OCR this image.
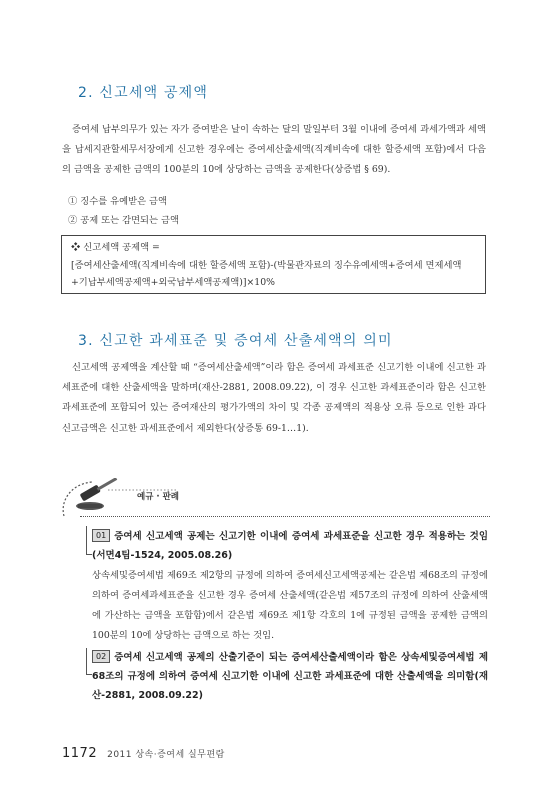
2. 신고세액 공제액

증여세 납부의무가 있는 자가 증여받은 날이 속하는 달의 말일부터 3월 이내에 증여세 과세가액과 세액을 납세지관할세무서장에게 신고한 경우에는 증여세산출세액(직계비속에 대한 할증세액 포함)에서 다음의 금액을 공제한 금액의 100분의 10에 상당하는 금액을 공제한다(상증법 § 69).

① 징수를 유예받은 금액

② 공제 또는 감면되는 금액

❖ 신고세액 공제액 =

[증여세산출세액(직계비속에 대한 할증세액 포함)-(박물관자료의 징수유예세액+증여세 면제세액+기납부세액공제액+외국납부세액공제액)]×10%

3. 신고한 과세표준 및 증여세 산출세액의 의미

신고세액 공제액을 계산할 때 “증여세산출세액”이라 함은 증여세 과세표준 신고기한 이내에 신고한 과세표준에 대한 산출세액을 말하며(재산-2881, 2008.09.22), 이 경우 신고한 과세표준이라 함은 신고한 과세표준에 포함되어 있는 증여재산의 평가가액의 차이 및 각종 공제액의 적용상 오류 등으로 인한 과다신고금액은 신고한 과세표준에서 제외한다(상증통 69-1…1).

예규 · 판례

01 증여세 신고세액 공제는 신고기한 이내에 증여세 과세표준을 신고한 경우 적용하는 것임(서면4팀-1524, 2005.08.26)

상속세및증여세법 제69조 제2항의 규정에 의하여 증여세신고세액공제는 같은법 제68조의 규정에 의하여 증여세과세표준을 신고한 경우 증여세 산출세액(같은법 제57조의 규정에 의하여 산출세액에 가산하는 금액을 포함함)에서 같은법 제69조 제1항 각호의 1에 규정된 금액을 공제한 금액의 100분의 10에 상당하는 금액으로 하는 것임.

02 증여세 신고세액 공제의 산출기준이 되는 증여세산출세액이라 함은 상속세및증여세법 제68조의 규정에 의하여 증여세 신고기한 이내에 신고한 과세표준에 대한 산출세액을 의미함(재산-2881, 2008.09.22)

1172 2011 상속·증여세 실무편람
